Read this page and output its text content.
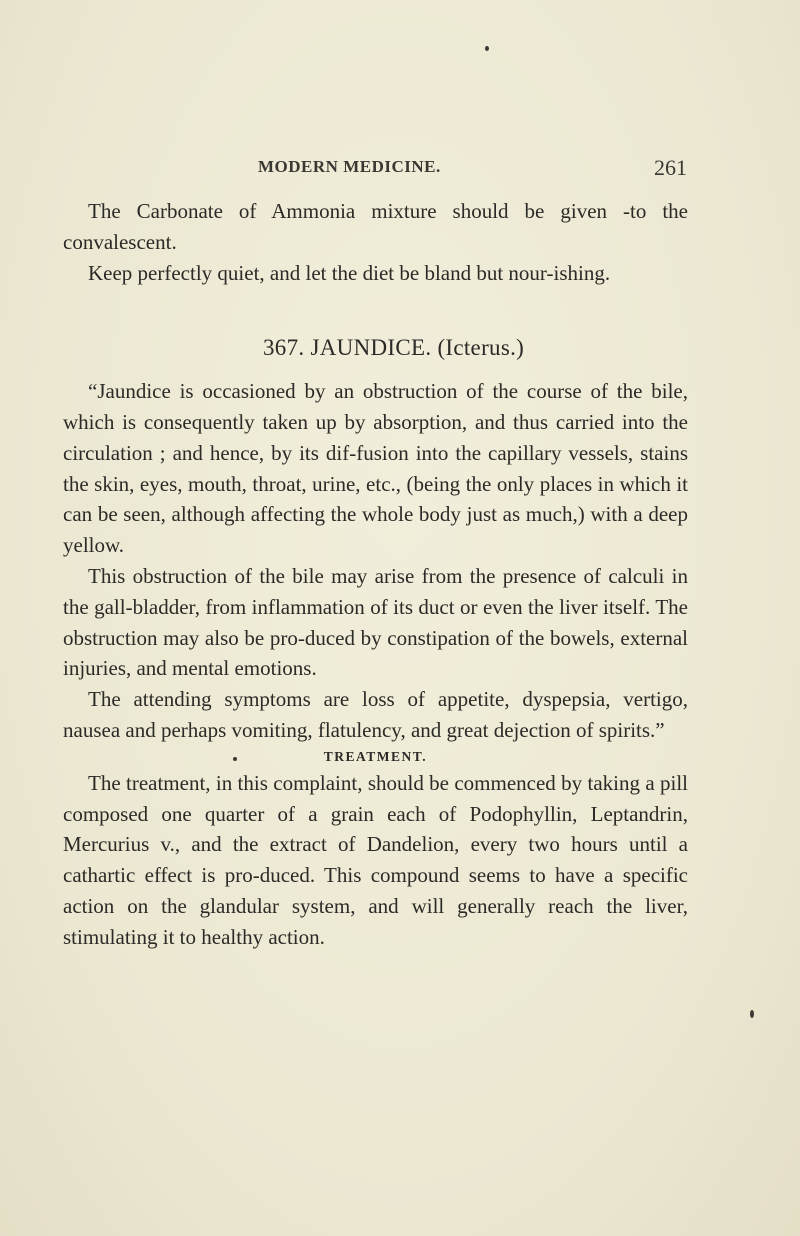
MODERN MEDICINE.	261

The Carbonate of Ammonia mixture should be given -to the convalescent.

Keep perfectly quiet, and let the diet be bland but nour-ishing.

367. JAUNDICE. (Icterus.)

“Jaundice is occasioned by an obstruction of the course of the bile, which is consequently taken up by absorption, and thus carried into the circulation ; and hence, by its dif-fusion into the capillary vessels, stains the skin, eyes, mouth, throat, urine, etc., (being the only places in which it can be seen, although affecting the whole body just as much,) with a deep yellow.

This obstruction of the bile may arise from the presence of calculi in the gall-bladder, from inflammation of its duct or even the liver itself. The obstruction may also be pro-duced by constipation of the bowels, external injuries, and mental emotions.

The attending symptoms are loss of appetite, dyspepsia, vertigo, nausea and perhaps vomiting, flatulency, and great dejection of spirits.”

TREATMENT.

The treatment, in this complaint, should be commenced by taking a pill composed one quarter of a grain each of Podophyllin, Leptandrin, Mercurius v., and the extract of Dandelion, every two hours until a cathartic effect is pro-duced. This compound seems to have a specific action on the glandular system, and will generally reach the liver, stimulating it to healthy action.
